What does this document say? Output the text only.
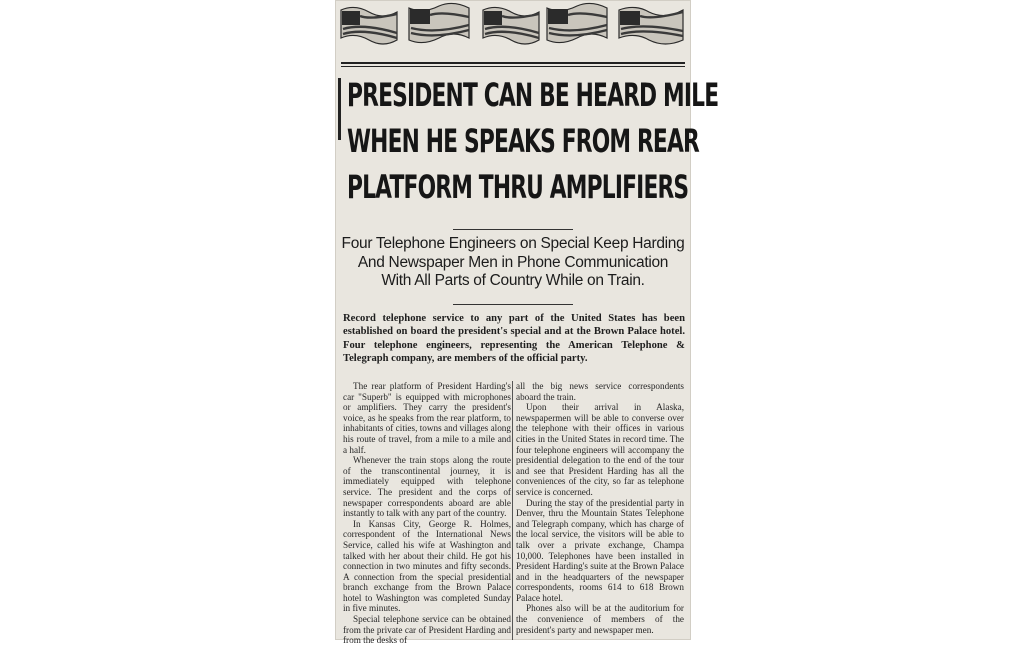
PRESIDENT CAN BE HEARD MILE
WHEN HE SPEAKS FROM REAR
PLATFORM THRU AMPLIFIERS
Four Telephone Engineers on Special Keep Harding
And Newspaper Men in Phone Communication
With All Parts of Country While on Train.
Record telephone service to any part of the United States has been established on board the president's special and at the Brown Palace hotel. Four telephone engineers, representing the American Telephone & Telegraph company, are members of the official party.

The rear platform of President Harding's car "Superb" is equipped with microphones or amplifiers. They carry the president's voice, as he speaks from the rear platform, to inhabitants of cities, towns and villages along his route of travel, from a mile to a mile and a half.

Whenever the train stops along the route of the transcontinental journey, it is immediately equipped with telephone service. The president and the corps of newspaper correspondents aboard are able instantly to talk with any part of the country.

In Kansas City, George R. Holmes, correspondent of the International News Service, called his wife at Washington and talked with her about their child. He got his connection in two minutes and fifty seconds. A connection from the special presidential branch exchange from the Brown Palace hotel to Washington was completed Sunday in five minutes.

Special telephone service can be obtained from the private car of President Harding and from the desks of

all the big news service correspondents aboard the train.

Upon their arrival in Alaska, newspapermen will be able to converse over the telephone with their offices in various cities in the United States in record time. The four telephone engineers will accompany the presidential delegation to the end of the tour and see that President Harding has all the conveniences of the city, so far as telephone service is concerned.

During the stay of the presidential party in Denver, thru the Mountain States Telephone and Telegraph company, which has charge of the local service, the visitors will be able to talk over a private exchange, Champa 10,000. Telephones have been installed in President Harding's suite at the Brown Palace and in the headquarters of the newspaper correspondents, rooms 614 to 618 Brown Palace hotel.

Phones also will be at the auditorium for the convenience of members of the president's party and newspaper men.
